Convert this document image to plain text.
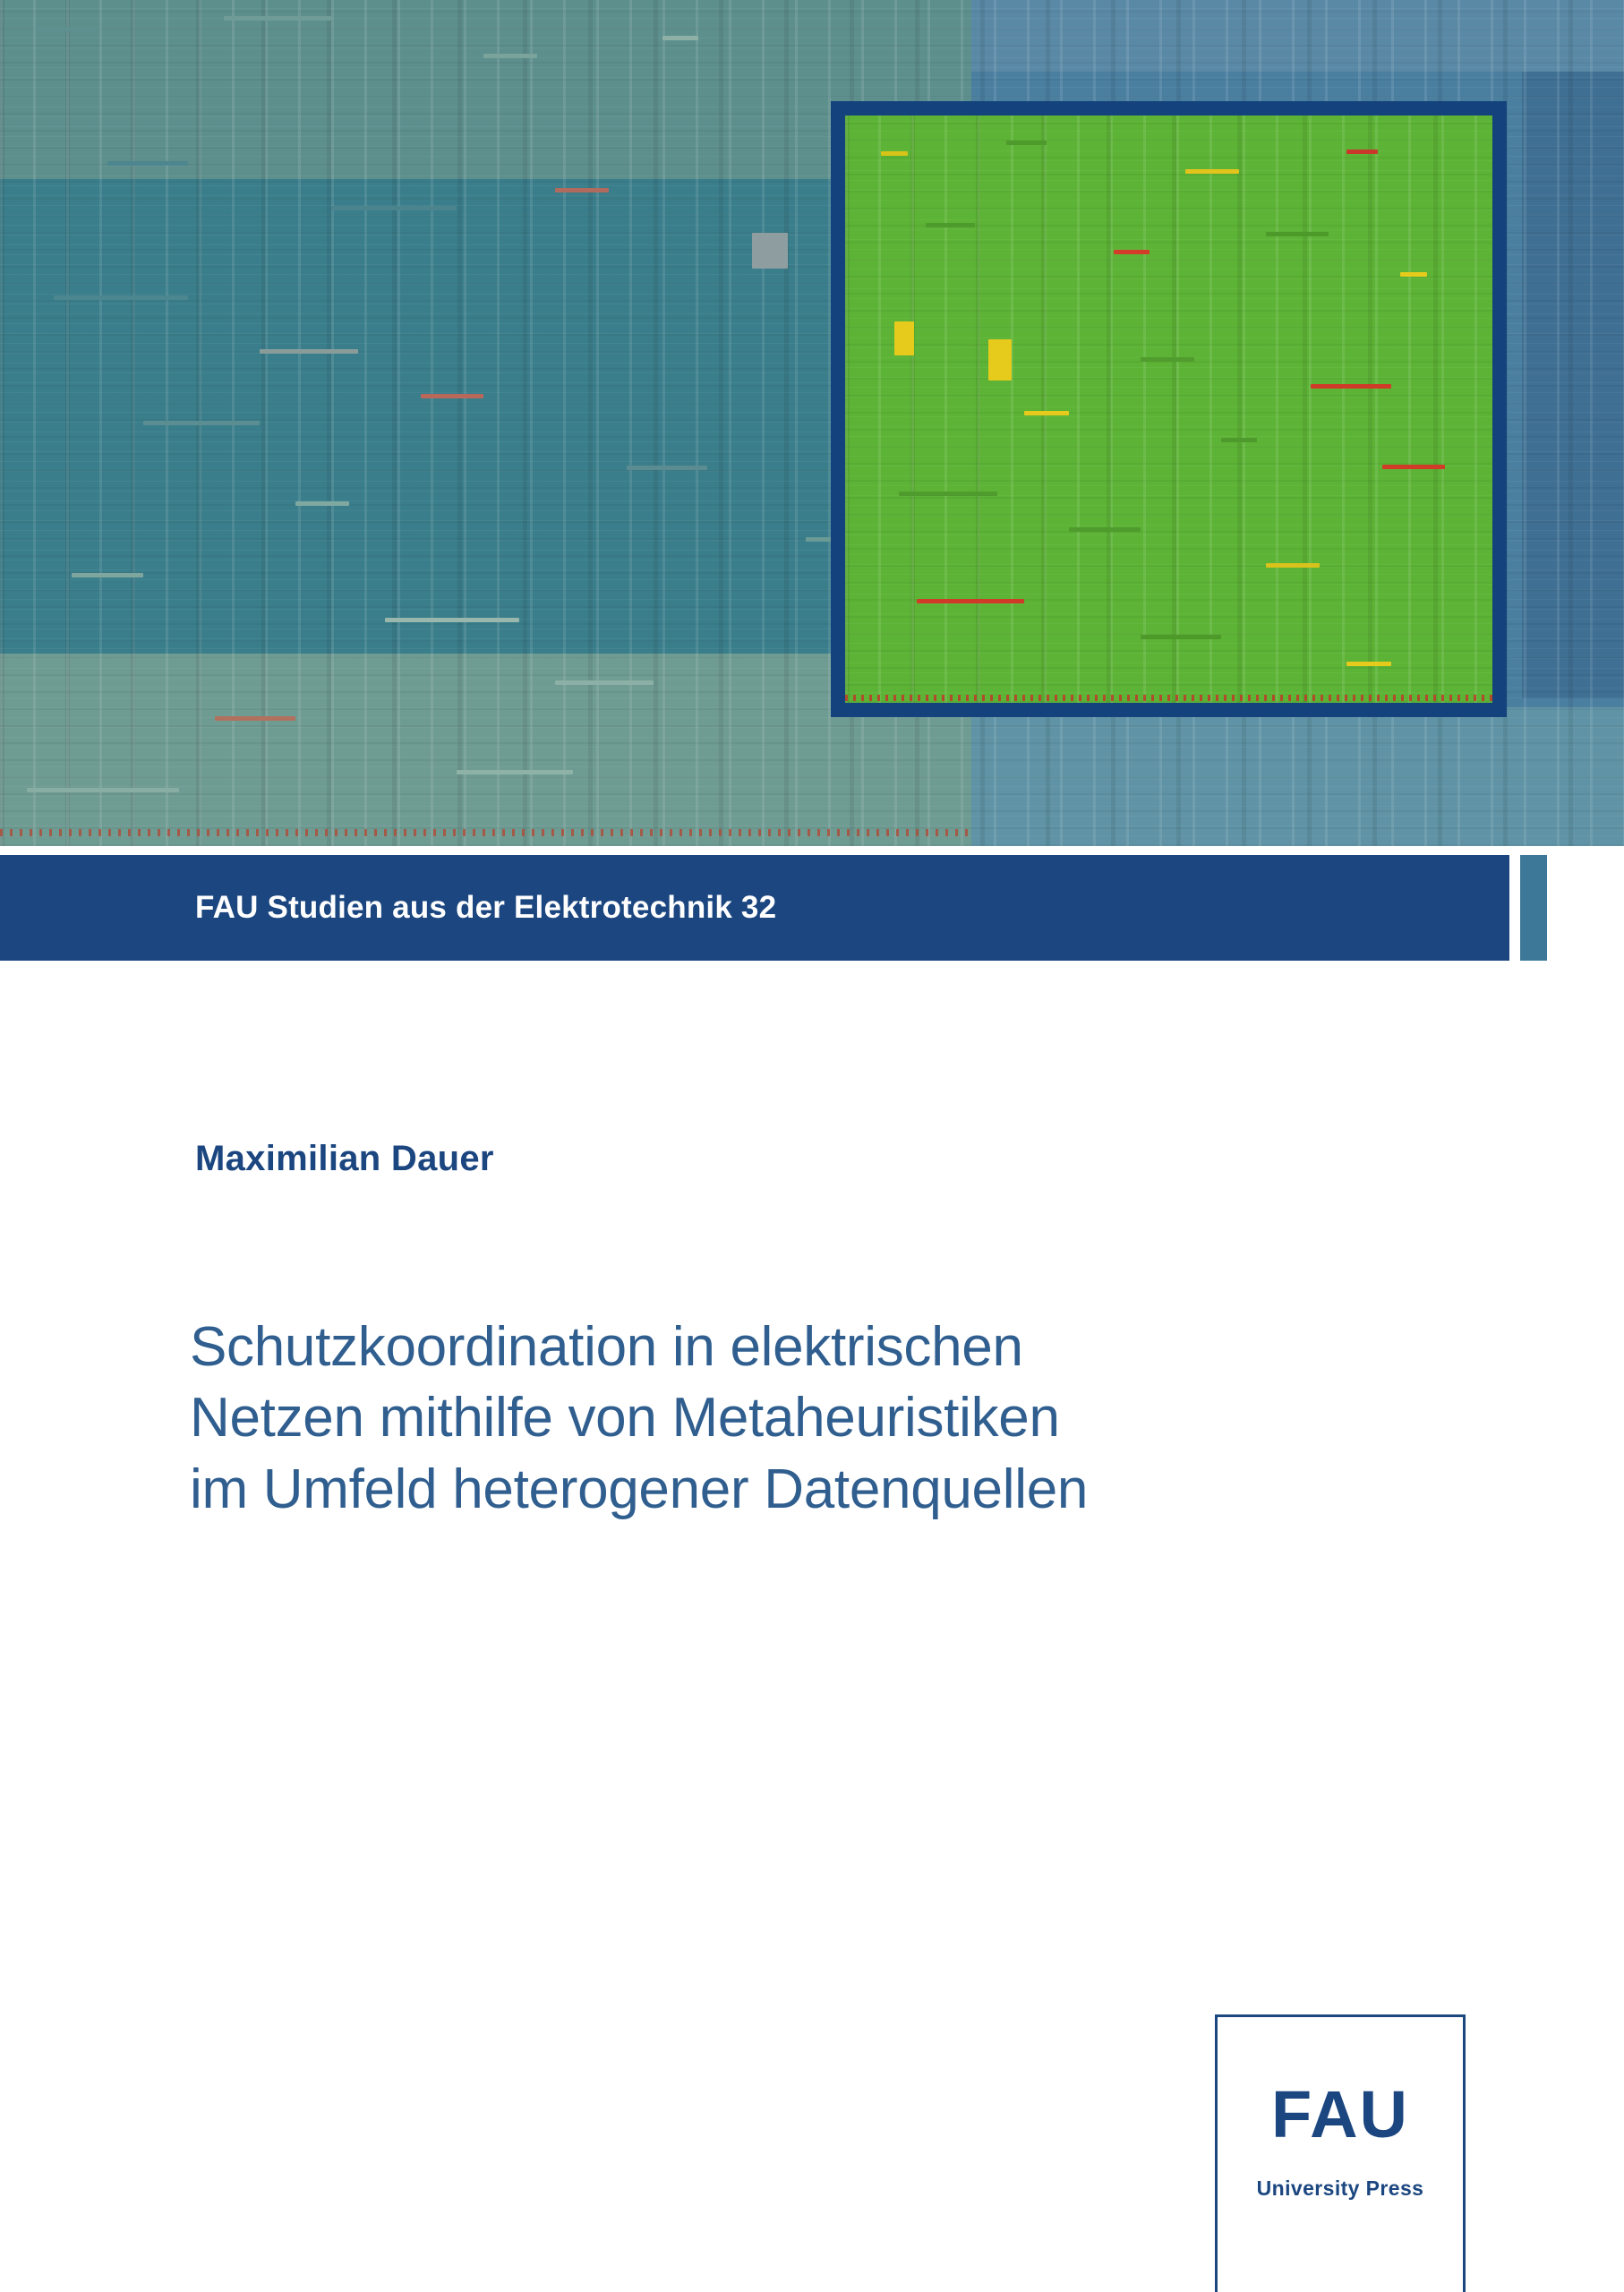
FAU Studien aus der Elektrotechnik 32
Maximilian Dauer
Schutzkoordination in elektrischen
Netzen mithilfe von Metaheuristiken
im Umfeld heterogener Datenquellen
FAU
University Press
